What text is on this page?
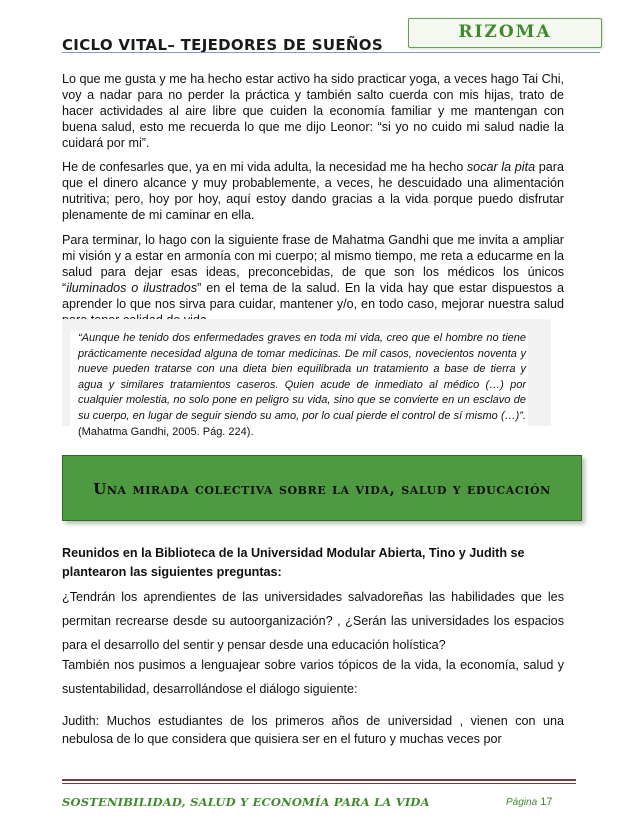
CICLO VITAL– TEJEDORES DE SUEÑOS
RIZOMA

Lo que me gusta y me ha hecho estar activo ha sido practicar yoga, a veces hago Tai Chi, voy a nadar para no perder la práctica y también salto cuerda con mis hijas, trato de hacer actividades al aire libre que cuiden la economía familiar y me mantengan con buena salud, esto me recuerda lo que me dijo Leonor: “si yo no cuido mi salud nadie la cuidará por mi”.

He de confesarles que, ya en mi vida adulta, la necesidad me ha hecho socar la pita para que el dinero alcance y muy probablemente, a veces, he descuidado una alimentación nutritiva; pero, hoy por hoy, aquí estoy dando gracias a la vida porque puedo disfrutar plenamente de mi caminar en ella.

Para terminar, lo hago con la siguiente frase de Mahatma Gandhi que me invita a ampliar mi visión y a estar en armonía con mi cuerpo; al mismo tiempo, me reta a educarme en la salud para dejar esas ideas, preconcebidas, de que son los médicos los únicos “iluminados o ilustrados” en el tema de la salud. En la vida hay que estar dispuestos a aprender lo que nos sirva para cuidar, mantener y/o, en todo caso, mejorar nuestra salud

“Aunque he tenido dos enfermedades graves en toda mi vida, creo que el hombre no tiene prácticamente necesidad alguna de tomar medicinas. De mil casos, novecientos noventa y nueve pueden tratarse con una dieta bien equilibrada un tratamiento a base de tierra y agua y similares tratamientos caseros. Quien acude de inmediato al médico (…) por cualquier molestia, no solo pone en peligro su vida, sino que se convierte en un esclavo de su cuerpo, en lugar de seguir siendo su amo, por lo cual pierde el control de sí mismo (…)”. (Mahatma Gandhi, 2005. Pág. 224).

Una mirada colectiva sobre la vida, salud y educación

Reunidos en la Biblioteca de la Universidad Modular Abierta, Tino y Judith se plantearon las siguientes preguntas:

¿Tendrán los aprendientes de las universidades salvadoreñas las habilidades que les permitan recrearse desde su autoorganización? , ¿Serán las universidades los espacios para el desarrollo del sentir y pensar desde una educación holística?

También nos pusimos a lenguajear sobre varios tópicos de la vida, la economía, salud y sustentabilidad, desarrollándose el diálogo siguiente:

Judith: Muchos estudiantes de los primeros años de universidad , vienen con una nebulosa de lo que considera que quisiera ser en el futuro y muchas veces por

SOSTENIBILIDAD, SALUD Y ECONOMÍA PARA LA VIDA	Página 17
